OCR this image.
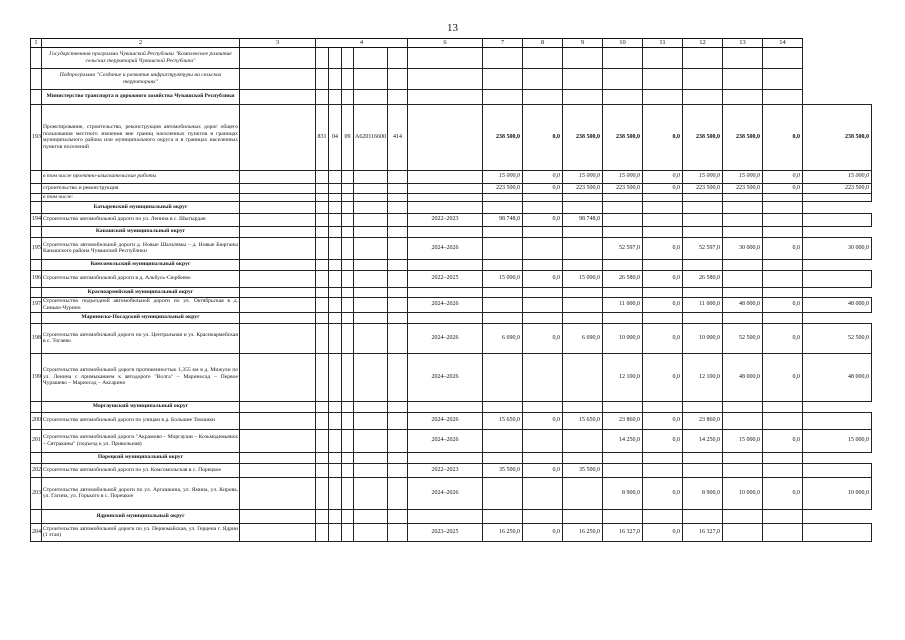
13
1	2	3	4					6	7	8	9	10	11	12	13	14	
	Государственная программа Чувашской Республики "Комплексное развитие сельских территорий Чувашской Республики"																
	Подпрограмма "Создание и развитие инфраструктуры на сельских территориях"																
	Министерство транспорта и дорожного хозяйства Чувашской Республики																
193	Проектирование, строительство, реконструкция автомобильных дорог общего пользования местного значения вне границ населенных пунктов в границах муниципального района или муниципального округа и в границах населенных пунктов поселений		831	04	09	А620116600	414		238 500,0	0,0	238 500,0	238 500,0	0,0	238 500,0	238 500,0	0,0	238 500,0
	в том числе проектно-изыскательские работы								15 000,0	0,0	15 000,0	15 000,0	0,0	15 000,0	15 000,0	0,0	15 000,0
	строительство и реконструкция								223 500,0	0,0	223 500,0	223 500,0	0,0	223 500,0	223 500,0	0,0	223 500,0
	в том числе:																
	Батыревский муниципальный округ																
194	Строительство автомобильной дороги по ул. Ленина в с. Шыгырдан							2022–2023	98 748,0	0,0	98 748,0						
	Канашский муниципальный округ																
195	Строительство автомобильной дороги д. Новые Шальтямы – д. Новые Бюрганы Канашского района Чувашской Республики							2024–2026				52 597,0	0,0	52 597,0	30 000,0	0,0	30 000,0
	Комсомольский муниципальный округ																
196	Строительство автомобильной дороги в д. Альбусь-Сюрбеево							2022–2025	15 000,0	0,0	15 000,0	26 580,0	0,0	26 580,0			
	Красноармейский муниципальный округ																
197	Строительство подъездной автомобильной дороги по ул. Октябрьская в д. Синьял-Чурино							2024–2026				11 000,0	0,0	11 000,0	48 000,0	0,0	48 000,0
	Мариинско-Посадский муниципальный округ																
198	Строительство автомобильной дороги по ул. Центральная и ул. Красноармейская в с. Тогаево							2024–2026	6 690,0	0,0	6 690,0	10 000,0	0,0	10 000,0	52 500,0	0,0	52 500,0
199	Строительство автомобильной дороги протяженностью 1,355 км в д. Мижули по ул. Ленина с примыканием к автодороге "Волга" – Мариносад – Первое Чурашево – Мариосад – Аксарино							2024–2026				12 100,0	0,0	12 100,0	48 000,0	0,0	48 000,0
	Моргаушский муниципальный округ																
200	Строительство автомобильной дороги по улицам в д. Большие Токшики							2024–2026	15 650,0	0,0	15 650,0	23 860,0	0,0	23 860,0			
201	Строительство автомобильной дороги "Акрамово – Моргаушн – Козьмодемьянск – Сятраканы" (подъезд к ул. Привольная)							2024–2026				14 250,0	0,0	14 250,0	15 000,0	0,0	15 000,0
	Порецкий муниципальный округ																
202	Строительство автомобильной дороги по ул. Комсомольская в с. Порецкое							2022–2023	35 500,0	0,0	35 500,0						
203	Строительство автомобильной дороги по ул. Аргашкина, ул. Ямина, ул. Кирова, ул. Гагина, ул. Горького в с. Порецкое							2024–2026				8 900,0	0,0	8 900,0	10 000,0	0,0	10 000,0
	Ядринский муниципальный округ																
204	Строительство автомобильной дороги по ул. Первомайская, ул. Герцена г. Ядрин (1 этап)							2023–2025	16 250,0	0,0	16 250,0	16 327,0	0,0	16 327,0			
